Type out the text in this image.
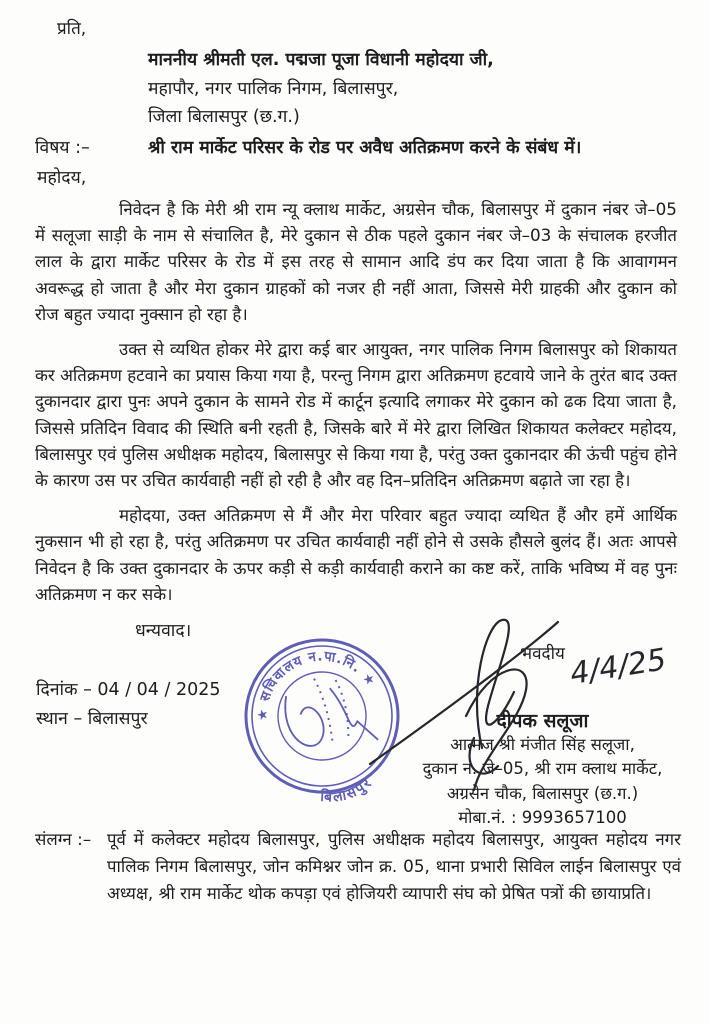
प्रति,
माननीय श्रीमती एल. पद्मजा पूजा विधानी महोदया जी,
महापौर, नगर पालिक निगम, बिलासपुर,
जिला बिलासपुर (छ.ग.)
विषय :–	श्री राम मार्केट परिसर के रोड पर अवैध अतिक्रमण करने के संबंध में।
महोदय,

निवेदन है कि मेरी श्री राम न्यू क्लाथ मार्केट, अग्रसेन चौक, बिलासपुर में दुकान नंबर जे–05 में सलूजा साड़ी के नाम से संचालित है, मेरे दुकान से ठीक पहले दुकान नंबर जे–03 के संचालक हरजीत लाल के द्वारा मार्केट परिसर के रोड में इस तरह से सामान आदि डंप कर दिया जाता है कि आवागमन अवरूद्ध हो जाता है और मेरा दुकान ग्राहकों को नजर ही नहीं आता, जिससे मेरी ग्राहकी और दुकान को रोज बहुत ज्यादा नुक्सान हो रहा है।

उक्त से व्यथित होकर मेरे द्वारा कई बार आयुक्त, नगर पालिक निगम बिलासपुर को शिकायत कर अतिक्रमण हटवाने का प्रयास किया गया है, परन्तु निगम द्वारा अतिक्रमण हटवाये जाने के तुरंत बाद उक्त दुकानदार द्वारा पुनः अपने दुकान के सामने रोड में कार्टून इत्यादि लगाकर मेरे दुकान को ढक दिया जाता है, जिससे प्रतिदिन विवाद की स्थिति बनी रहती है, जिसके बारे में मेरे द्वारा लिखित शिकायत कलेक्टर महोदय, बिलासपुर एवं पुलिस अधीक्षक महोदय, बिलासपुर से किया गया है, परंतु उक्त दुकानदार की ऊंची पहुंच होने के कारण उस पर उचित कार्यवाही नहीं हो रही है और वह दिन–प्रतिदिन अतिक्रमण बढ़ाते जा रहा है।

महोदया, उक्त अतिक्रमण से मैं और मेरा परिवार बहुत ज्यादा व्यथित हैं और हमें आर्थिक नुकसान भी हो रहा है, परंतु अतिक्रमण पर उचित कार्यवाही नहीं होने से उसके हौसले बुलंद हैं। अतः आपसे निवेदन है कि उक्त दुकानदार के ऊपर कड़ी से कड़ी कार्यवाही कराने का कष्ट करें, ताकि भविष्य में वह पुनः अतिक्रमण न कर सके।

धन्यवाद।
दिनांक – 04 / 04 / 2025
स्थान – बिलासपुर
भवदीय
दीपक सलूजा
आत्मज श्री मंजीत सिंह सलूजा,
दुकान नं. जे–05, श्री राम क्लाथ मार्केट,
अग्रसेन चौक, बिलासपुर (छ.ग.)
मोबा.नं. : 9993657100
★ सचिवालय न.पा.नि. ★
बिलासपुर
4/4/25
संलग्न :– पूर्व में कलेक्टर महोदय बिलासपुर, पुलिस अधीक्षक महोदय बिलासपुर, आयुक्त महोदय नगर पालिक निगम बिलासपुर, जोन कमिश्नर जोन क्र. 05, थाना प्रभारी सिविल लाईन बिलासपुर एवं अध्यक्ष, श्री राम मार्केट थोक कपड़ा एवं होजियरी व्यापारी संघ को प्रेषित पत्रों की छायाप्रति।
